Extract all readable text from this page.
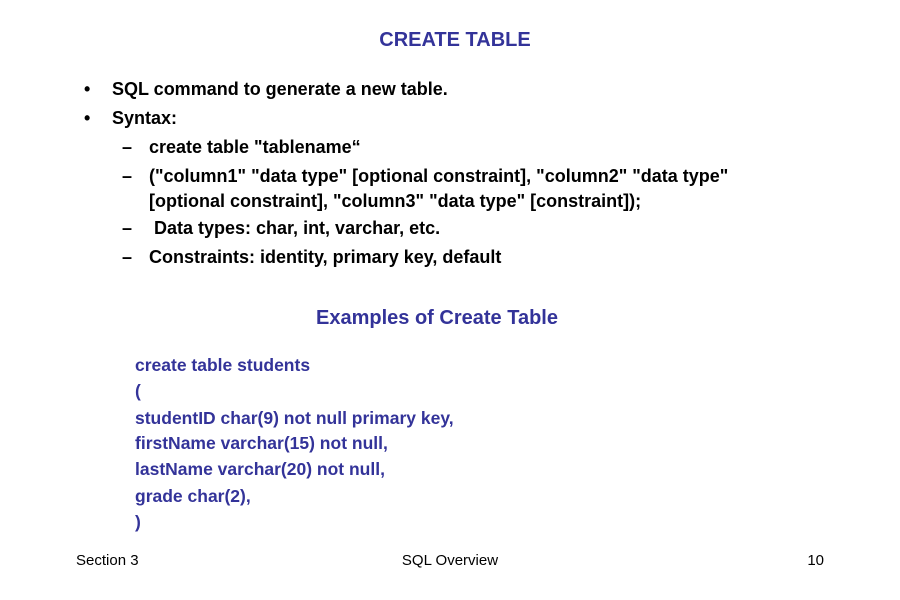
CREATE TABLE
• SQL command to generate a new table.
• Syntax:
– create table "tablename“
– ("column1" "data type" [optional constraint], "column2" "data type"
[optional constraint], "column3" "data type" [constraint]);
– Data types: char, int, varchar, etc.
– Constraints: identity, primary key, default
Examples of Create Table
create table students
(
studentID char(9) not null primary key,
firstName varchar(15) not null,
lastName varchar(20) not null,
grade char(2),
)
Section 3	SQL Overview	10
